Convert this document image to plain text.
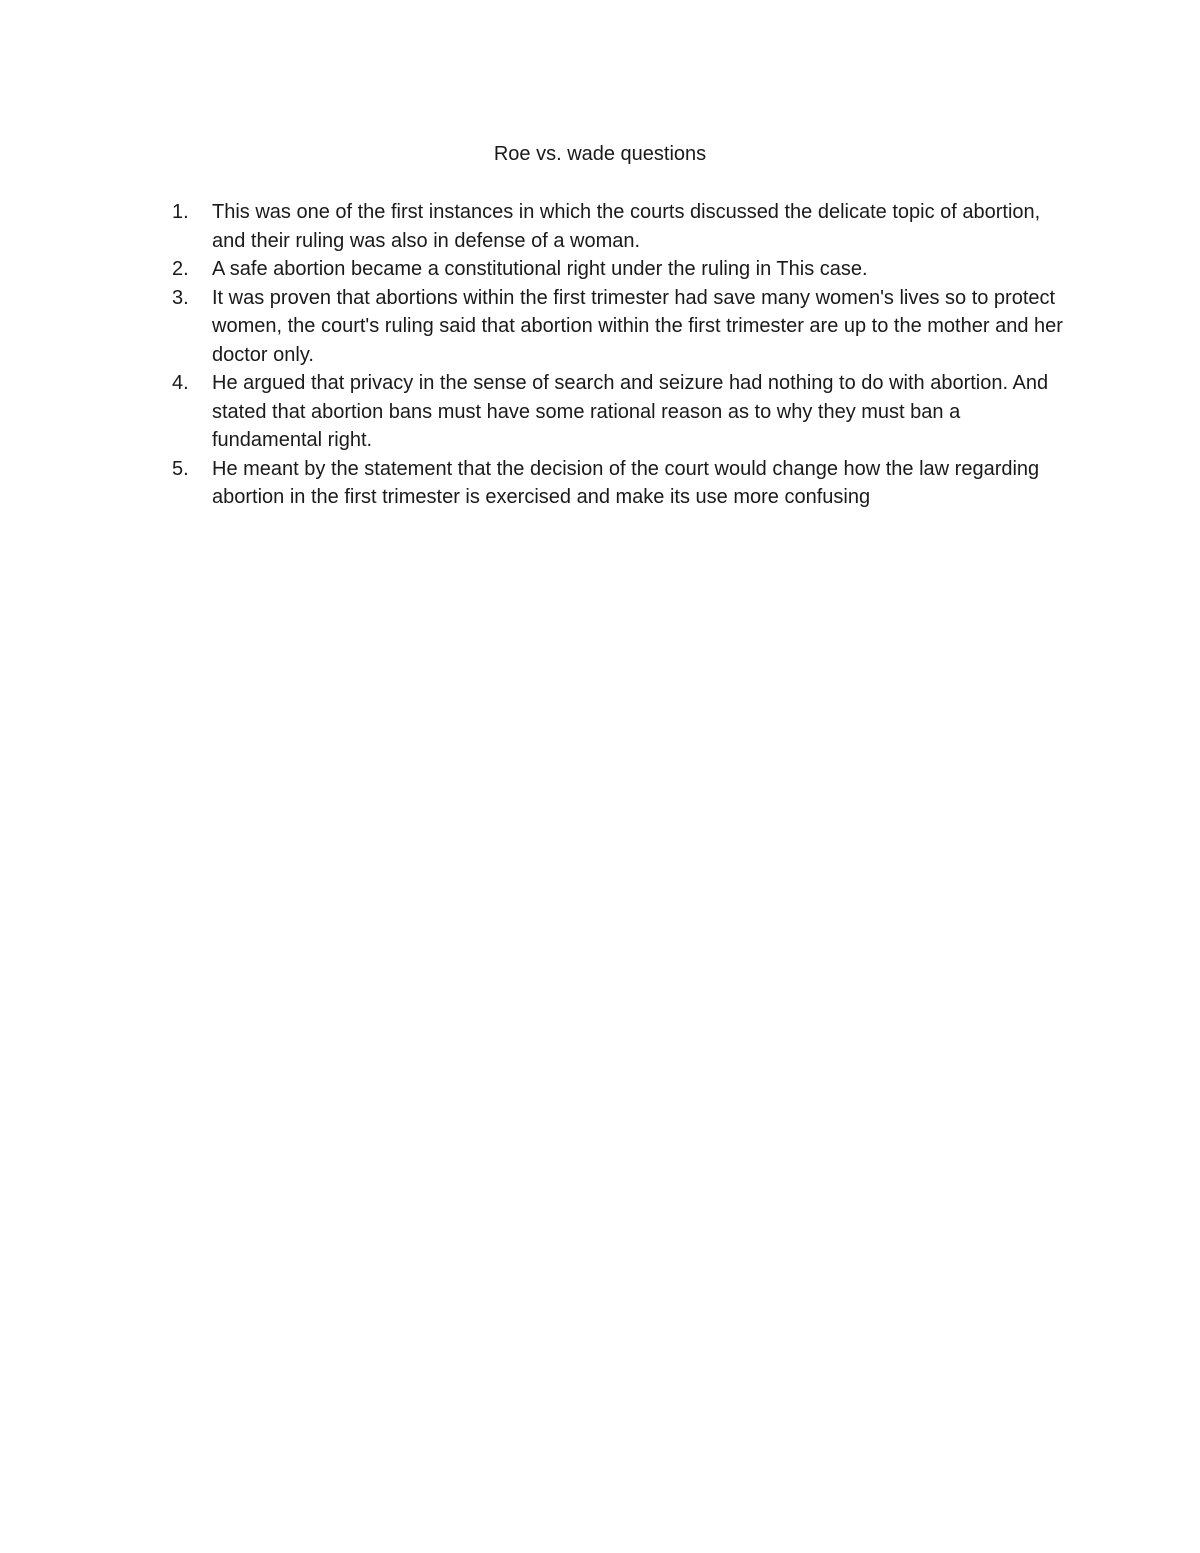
Roe vs. wade questions
1.	This was one of the first instances in which the courts discussed the delicate topic of abortion, and their ruling was also in defense of a woman.
2.	A safe abortion became a constitutional right under the ruling in This case.
3.	It was proven that abortions within the first trimester had save many women's lives so to protect women, the court's ruling said that abortion within the first trimester are up to the mother and her doctor only.
4.	He argued that privacy in the sense of search and seizure had nothing to do with abortion. And stated that abortion bans must have some rational reason as to why they must ban a fundamental right.
5.	He meant by the statement that the decision of the court would change how the law regarding abortion in the first trimester is exercised and make its use more confusing
